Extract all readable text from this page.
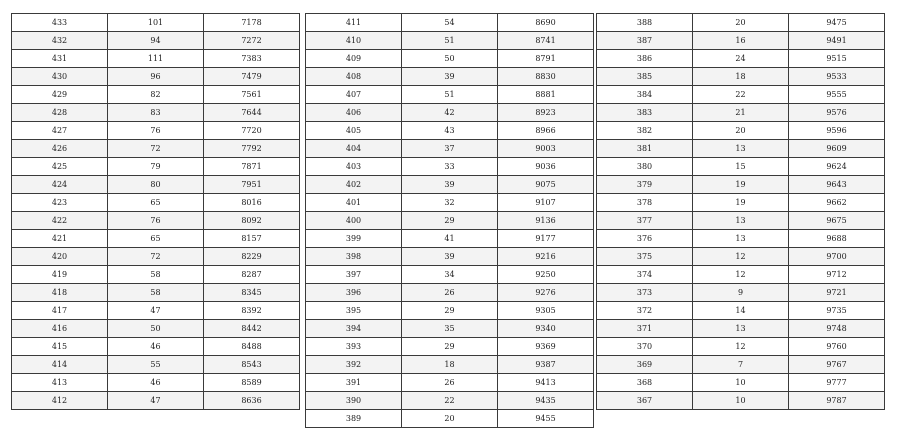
433	101	7178
432	94	7272
431	111	7383
430	96	7479
429	82	7561
428	83	7644
427	76	7720
426	72	7792
425	79	7871
424	80	7951
423	65	8016
422	76	8092
421	65	8157
420	72	8229
419	58	8287
418	58	8345
417	47	8392
416	50	8442
415	46	8488
414	55	8543
413	46	8589
412	47	8636
411	54	8690
410	51	8741
409	50	8791
408	39	8830
407	51	8881
406	42	8923
405	43	8966
404	37	9003
403	33	9036
402	39	9075
401	32	9107
400	29	9136
399	41	9177
398	39	9216
397	34	9250
396	26	9276
395	29	9305
394	35	9340
393	29	9369
392	18	9387
391	26	9413
390	22	9435
389	20	9455
388	20	9475
387	16	9491
386	24	9515
385	18	9533
384	22	9555
383	21	9576
382	20	9596
381	13	9609
380	15	9624
379	19	9643
378	19	9662
377	13	9675
376	13	9688
375	12	9700
374	12	9712
373	9	9721
372	14	9735
371	13	9748
370	12	9760
369	7	9767
368	10	9777
367	10	9787
